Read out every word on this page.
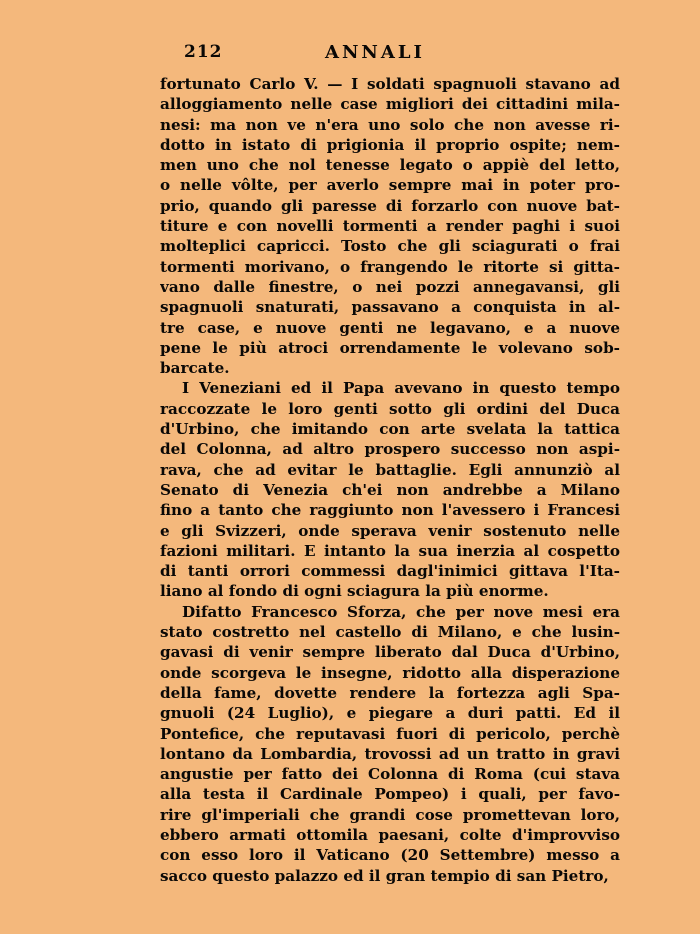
212	ANNALI
fortunato Carlo V. — I soldati spagnuoli stavano ad
alloggiamento nelle case migliori dei cittadini mila-
nesi: ma non ve n'era uno solo che non avesse ri-
dotto in istato di prigionia il proprio ospite; nem-
men uno che nol tenesse legato o appiè del letto,
o nelle vôlte, per averlo sempre mai in poter pro-
prio, quando gli paresse di forzarlo con nuove bat-
titure e con novelli tormenti a render paghi i suoi
molteplici capricci. Tosto che gli sciagurati o frai
tormenti morivano, o frangendo le ritorte si gitta-
vano dalle finestre, o nei pozzi annegavansi, gli
spagnuoli snaturati, passavano a conquista in al-
tre case, e nuove genti ne legavano, e a nuove
pene le più atroci orrendamente le volevano sob-
barcate.
I Veneziani ed il Papa avevano in questo tempo
raccozzate le loro genti sotto gli ordini del Duca
d'Urbino, che imitando con arte svelata la tattica
del Colonna, ad altro prospero successo non aspi-
rava, che ad evitar le battaglie. Egli annunziò al
Senato di Venezia ch'ei non andrebbe a Milano
fino a tanto che raggiunto non l'avessero i Francesi
e gli Svizzeri, onde sperava venir sostenuto nelle
fazioni militari. E intanto la sua inerzia al cospetto
di tanti orrori commessi dagl'inimici gittava l'Ita-
liano al fondo di ogni sciagura la più enorme.
Difatto Francesco Sforza, che per nove mesi era
stato costretto nel castello di Milano, e che lusin-
gavasi di venir sempre liberato dal Duca d'Urbino,
onde scorgeva le insegne, ridotto alla disperazione
della fame, dovette rendere la fortezza agli Spa-
gnuoli (24 Luglio), e piegare a duri patti. Ed il
Pontefice, che reputavasi fuori di pericolo, perchè
lontano da Lombardia, trovossi ad un tratto in gravi
angustie per fatto dei Colonna di Roma (cui stava
alla testa il Cardinale Pompeo) i quali, per favo-
rire gl'imperiali che grandi cose promettevan loro,
ebbero armati ottomila paesani, colte d'improvviso
con esso loro il Vaticano (20 Settembre) messo a
sacco questo palazzo ed il gran tempio di san Pietro,
